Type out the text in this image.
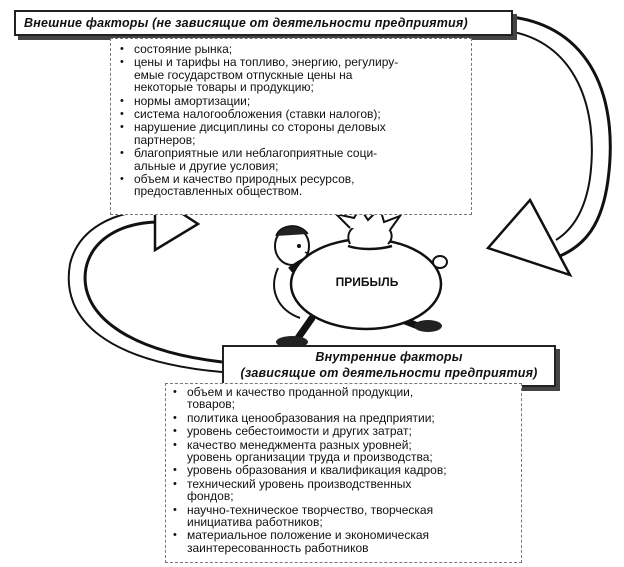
Внешние факторы (не зависящие от деятельности предприятия)
• состояние рынка;
• цены и тарифы на топливо, энергию, регулиру-
емые государством отпускные цены на
некоторые товары и продукцию;
• нормы амортизации;
• система налогообложения (ставки налогов);
• нарушение дисциплины со стороны деловых
партнеров;
• благоприятные или неблагоприятные соци-
альные и другие условия;
• объем и качество природных ресурсов,
предоставленных обществом.
ПРИБЫЛЬ
Внутренние факторы
(зависящие от деятельности предприятия)
• объем и качество проданной продукции,
товаров;
• политика ценообразования на предприятии;
• уровень себестоимости и других затрат;
• качество менеджмента разных уровней;
уровень организации труда и производства;
• уровень образования и квалификация кадров;
• технический уровень производственных
фондов;
• научно-техническое творчество, творческая
инициатива работников;
• материальное положение и экономическая
заинтересованность работников
